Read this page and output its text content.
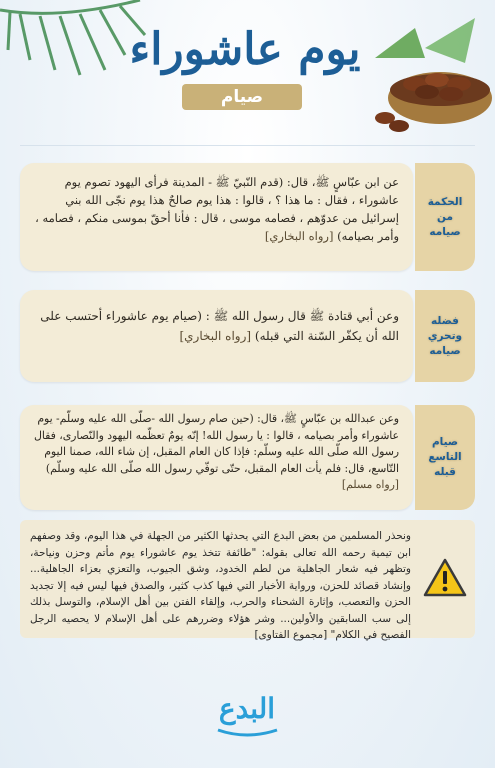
يوم عاشوراء
صيام
عن ابن عبّاسٍ ﷺ، قال: (قدم النّبيّ ﷺ - المدينة فرأى اليهود تصوم يوم عاشوراء ، فقال : ما هذا ؟ ، قالوا : هذا يوم صالحٌ هذا يوم نجّى الله بني إسرائيل من عدوّهم ، فصامه موسى ، قال : فأنا أحقّ بموسى منكم ، فصامه ، وأمر بصيامه) [رواه البخاري]
الحكمة
من
صيامه
وعن أبي قتادة ﷺ قال رسول الله ﷺ : (صيام يوم عاشوراء أحتسب على الله أن يكفّر السّنة التي قبله) [رواه البخاري]
فضله
وتحري
صيامه
وعن عبدالله بن عبّاسٍ ﷺ، قال: (حين صام رسول الله -صلّى الله عليه وسلّم- يوم عاشوراء وأمر بصيامه ، قالوا : يا رسول الله! إنّه يومٌ تعظّمه اليهود والنّصارى، فقال رسول الله صلّى الله عليه وسلّم: فإذا كان العام المقبل، إن شاء الله، صمنا اليوم التّاسع، قال: فلم يأت العام المقبل، حتّى توفّي رسول الله صلّى الله عليه وسلّم) [رواه مسلم]
صيام
التاسع
قبله
ونحذر المسلمين من بعض البدع التي يحدثها الكثير من الجهلة في هذا اليوم، وقد وصفهم ابن تيمية رحمه الله تعالى بقوله: "طائفة تتخذ يوم عاشوراء يوم مأتم وحزن ونياحة، وتظهر فيه شعار الجاهلية من لطم الخدود، وشق الجيوب، والتعزي بعزاء الجاهلية... وإنشاد قصائد للحزن، ورواية الأخبار التي فيها كذب كثير، والصدق فيها ليس فيه إلا تجديد الحزن والتعصب، وإثارة الشحناء والحرب، وإلقاء الفتن بين أهل الإسلام، والتوسل بذلك إلى سب السابقين والأولين... وشر هؤلاء وضررهم على أهل الإسلام لا يحصيه الرجل الفصيح في الكلام" [مجموع الفتاوى]
البدع
